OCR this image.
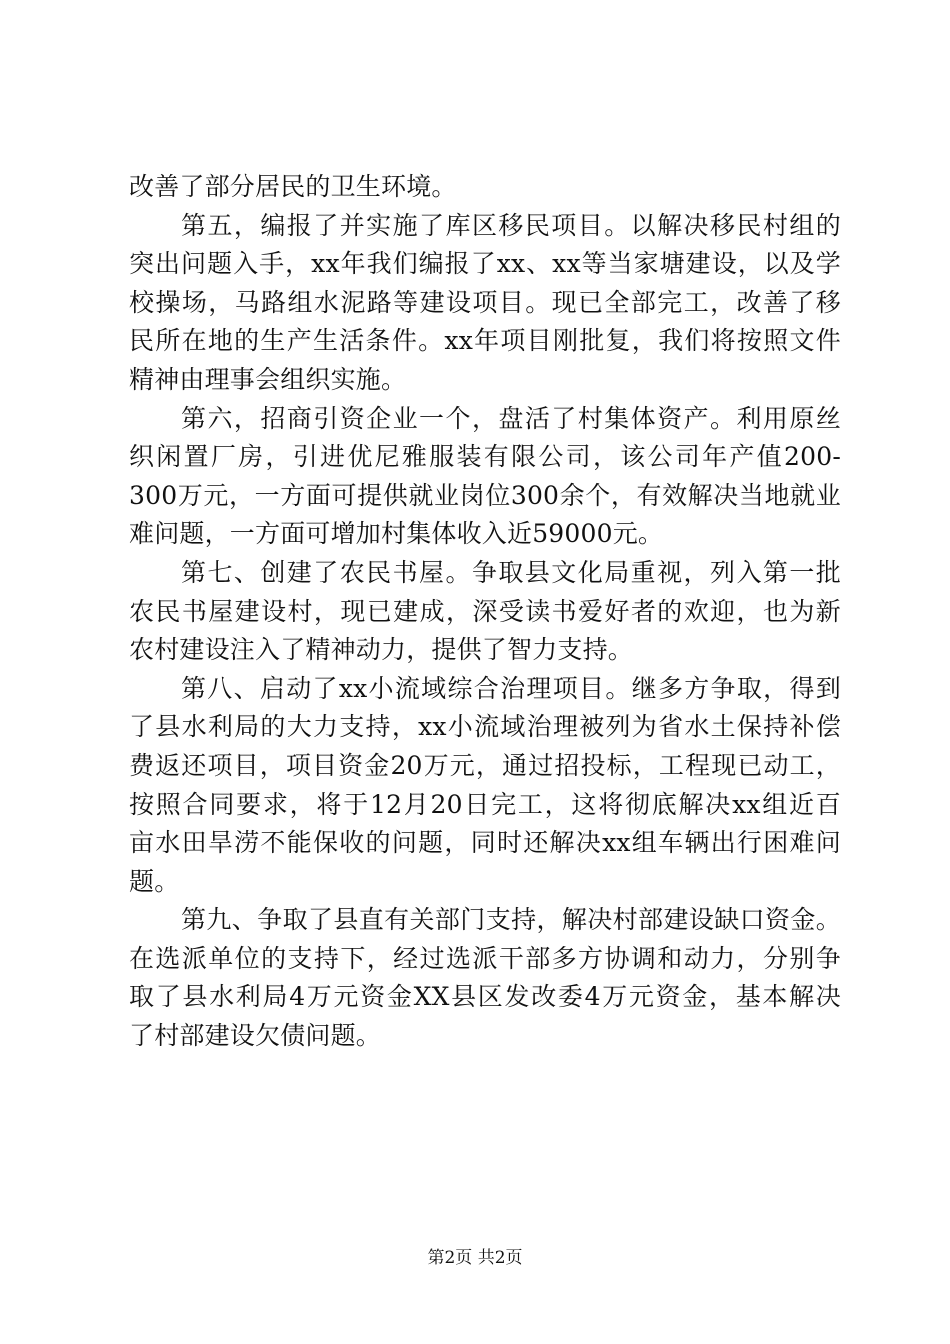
改善了部分居民的卫生环境。
第五，编报了并实施了库区移民项目。以解决移民村组的
突出问题入手，xx年我们编报了xx、xx等当家塘建设，以及学
校操场，马路组水泥路等建设项目。现已全部完工，改善了移
民所在地的生产生活条件。xx年项目刚批复，我们将按照文件
精神由理事会组织实施。
第六，招商引资企业一个，盘活了村集体资产。利用原丝
织闲置厂房，引进优尼雅服装有限公司，该公司年产值200-
300万元，一方面可提供就业岗位300余个，有效解决当地就业
难问题，一方面可增加村集体收入近59000元。
第七、创建了农民书屋。争取县文化局重视，列入第一批
农民书屋建设村，现已建成，深受读书爱好者的欢迎，也为新
农村建设注入了精神动力，提供了智力支持。
第八、启动了xx小流域综合治理项目。继多方争取，得到
了县水利局的大力支持，xx小流域治理被列为省水土保持补偿
费返还项目，项目资金20万元，通过招投标，工程现已动工，
按照合同要求，将于12月20日完工，这将彻底解决xx组近百
亩水田旱涝不能保收的问题，同时还解决xx组车辆出行困难问
题。
第九、争取了县直有关部门支持，解决村部建设缺口资金。
在选派单位的支持下，经过选派干部多方协调和动力，分别争
取了县水利局4万元资金XX县区发改委4万元资金，基本解决
了村部建设欠债问题。
第2页 共2页
